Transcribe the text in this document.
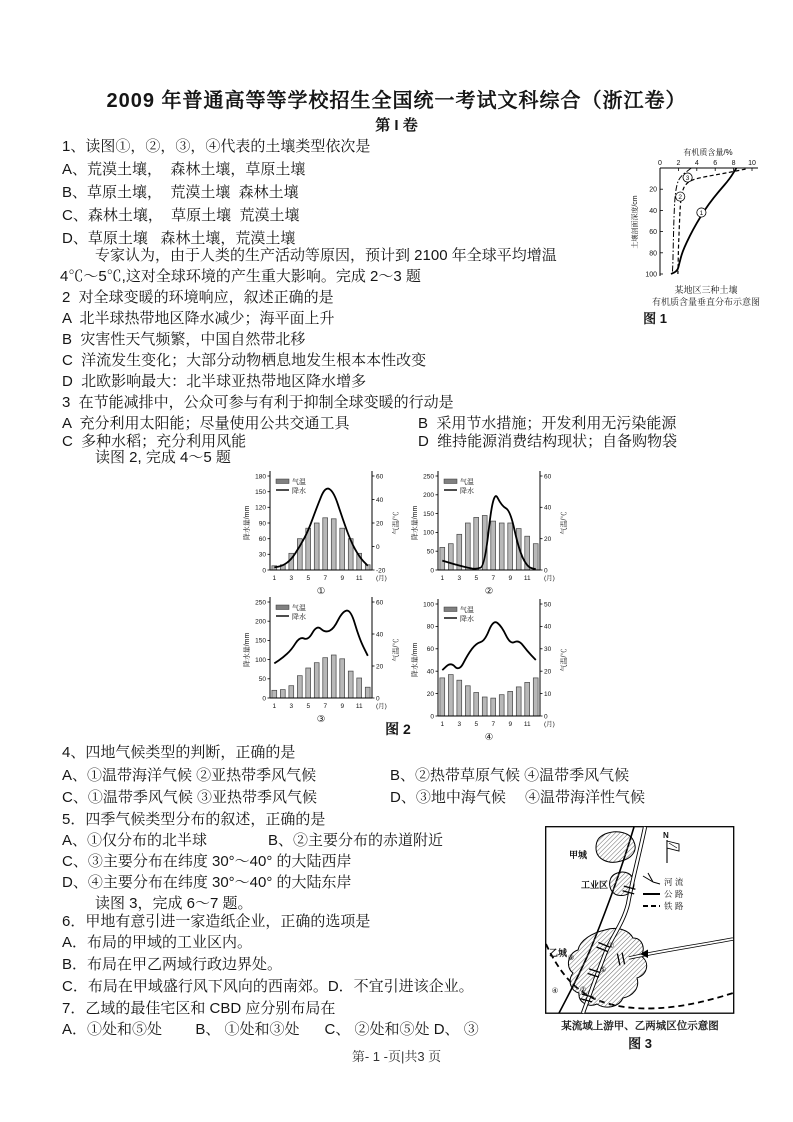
2009 年普通高等等学校招生全国统一考试文科综合（浙江卷）
第 I 卷
有机质含量/%
0 2 4 6 8 10
20
40
60
80
100
土壤剖面深度/cm
3
2
1
某地区三种土壤
有机质含量垂直分布示意图
图 1
0
30
60
90
120
150
180
-20
0
20
40
60
1 3 5 7 9 11 (月)
气温
降水
降水量/mm	气温/℃
①
0
50
100
150
200
250
0
20
40
60
1 3 5 7 9 11 (月)
气温
降水
降水量/mm	气温/℃
②
0
50
100
150
200
250
0
20
40
60
1 3 5 7 9 11 (月)
气温
降水
降水量/mm	气温/℃
③	0
20
40
60
80
100
0
10
20
30
40
50
1 3 5 7 9 11 (月)
气温
降水
降水量/mm	气温/℃
④
图 2
①
②
③
④
⑤
甲城
工业区
乙城
N
河 流
公 路
铁 路
某流域上游甲、乙两城区位示意图
图 3
第- 1 -页|共3 页
1、读图①，②，③，④代表的土壤类型依次是
A、荒漠土壤，  森林土壤，草原土壤
B、草原土壤，  荒漠土壤  森林土壤
C、森林土壤，  草原土壤  荒漠土壤
D、草原土壤   森林土壤，荒漠土壤
专家认为，由于人类的生产活动等原因，预计到 2100 年全球平均增温
4℃～5℃,这对全球环境的产生重大影响。完成 2～3 题
2  对全球变暖的环境响应，叙述正确的是
A  北半球热带地区降水减少；海平面上升
B  灾害性天气频繁，中国自然带北移
C  洋流发生变化；大部分动物栖息地发生根本本性改变
D  北欧影响最大：北半球亚热带地区降水增多
3  在节能减排中，公众可参与有利于抑制全球变暖的行动是
A  充分利用太阳能；尽量使用公共交通工具	B  采用节水措施；开发利用无污染能源
C  多种水稻；充分利用风能	D  维持能源消费结构现状；自备购物袋
读图 2, 完成 4～5 题
4、四地气候类型的判断，正确的是
A、①温带海洋气候 ②亚热带季风气候	B、②热带草原气候 ④温带季风气候
C、①温带季风气候 ③亚热带季风气候	D、③地中海气候　 ④温带海洋性气候
5．四季气候类型分布的叙述，正确的是
A、①仅分布的北半球	B、②主要分布的赤道附近
C、③主要分布在纬度 30°～40° 的大陆西岸
D、④主要分布在纬度 30°～40° 的大陆东岸
读图 3，完成 6～7 题。
6．甲地有意引进一家造纸企业，正确的选项是
A．布局的甲域的工业区内。
B．布局在甲乙两域行政边界处。
C．布局在甲域盛行风下风向的西南郊。D．不宜引进该企业。
7．乙域的最佳宅区和 CBD 应分别布局在
A．①处和⑤处        B、 ①处和③处      C、 ②处和⑤处 D、 ③
